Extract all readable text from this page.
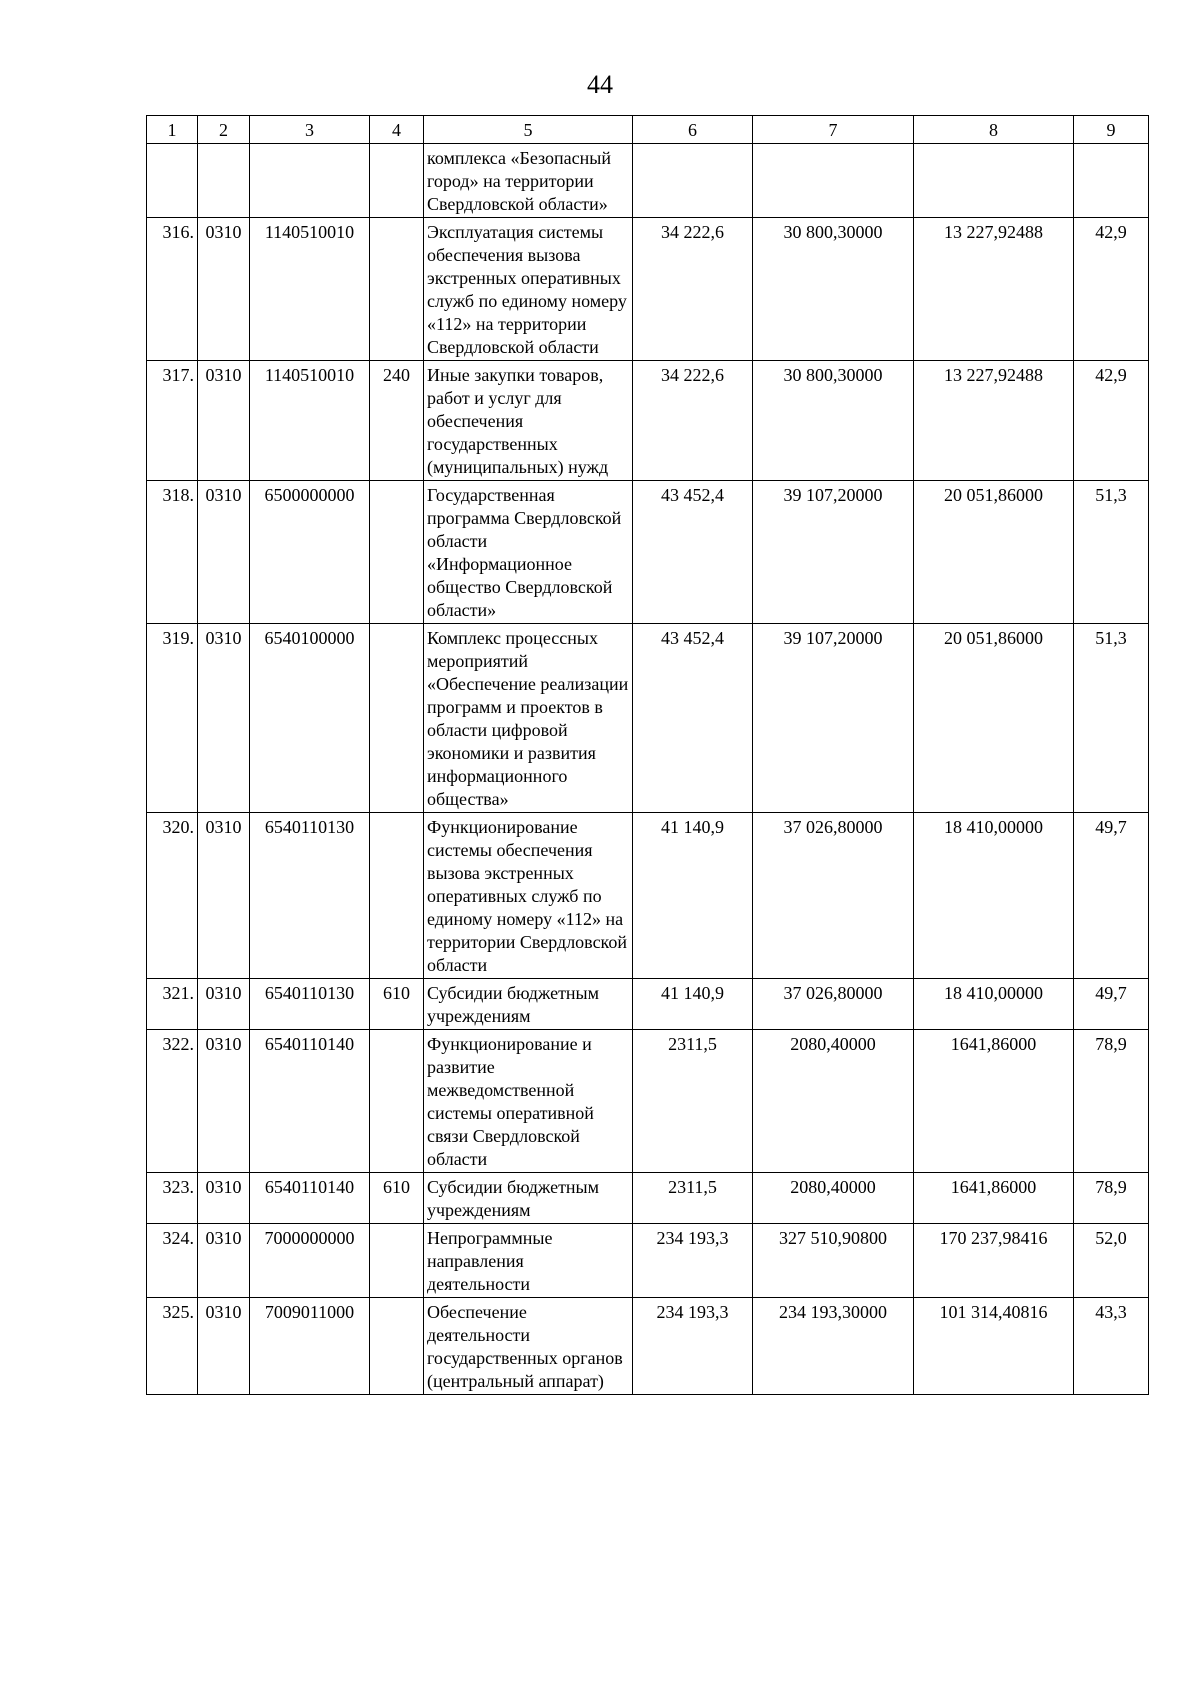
44
1	2	3	4	5	6	7	8	9
				комплекса «Безопасный город» на территории Свердловской области»				
316.	0310	1140510010		Эксплуатация системы обеспечения вызова экстренных оперативных служб по единому номеру «112» на территории Свердловской области	34 222,6	30 800,30000	13 227,92488	42,9
317.	0310	1140510010	240	Иные закупки товаров, работ и услуг для обеспечения государственных (муниципальных) нужд	34 222,6	30 800,30000	13 227,92488	42,9
318.	0310	6500000000		Государственная программа Свердловской области «Информационное общество Свердловской области»	43 452,4	39 107,20000	20 051,86000	51,3
319.	0310	6540100000		Комплекс процессных мероприятий «Обеспечение реализации программ и проектов в области цифровой экономики и развития информационного общества»	43 452,4	39 107,20000	20 051,86000	51,3
320.	0310	6540110130		Функционирование системы обеспечения вызова экстренных оперативных служб по единому номеру «112» на территории Свердловской области	41 140,9	37 026,80000	18 410,00000	49,7
321.	0310	6540110130	610	Субсидии бюджетным учреждениям	41 140,9	37 026,80000	18 410,00000	49,7
322.	0310	6540110140		Функционирование и развитие межведомственной системы оперативной связи Свердловской области	2311,5	2080,40000	1641,86000	78,9
323.	0310	6540110140	610	Субсидии бюджетным учреждениям	2311,5	2080,40000	1641,86000	78,9
324.	0310	7000000000		Непрограммные направления деятельности	234 193,3	327 510,90800	170 237,98416	52,0
325.	0310	7009011000		Обеспечение деятельности государственных органов (центральный аппарат)	234 193,3	234 193,30000	101 314,40816	43,3
